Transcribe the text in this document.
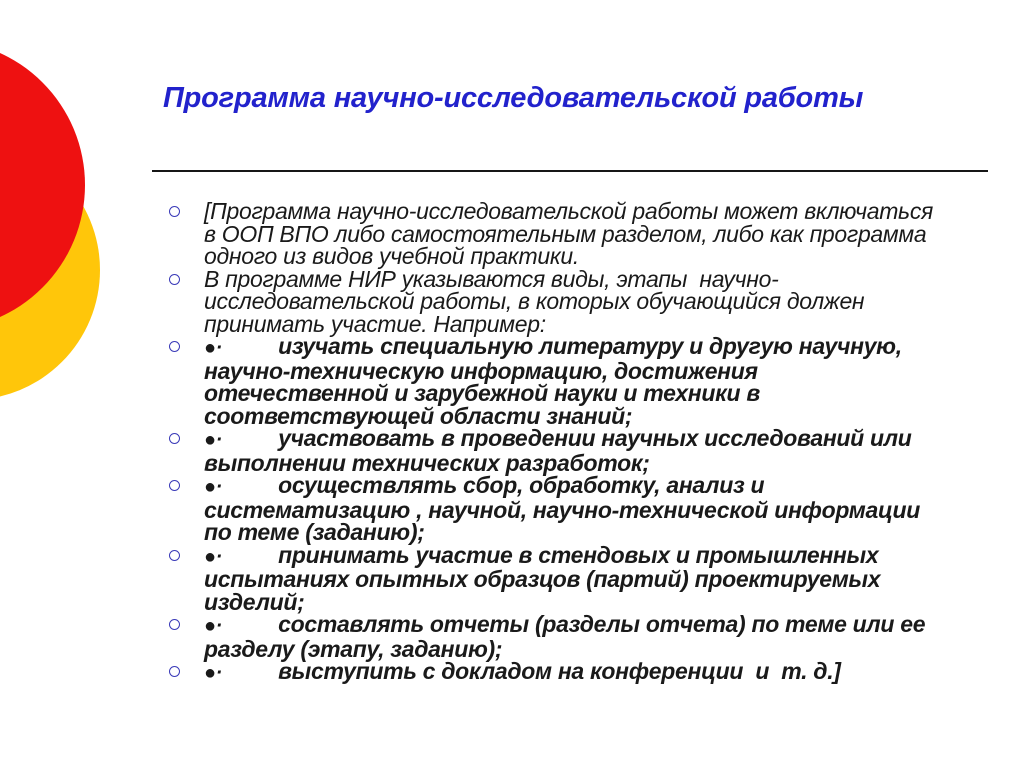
Программа научно-исследовательской работы
[Программа научно-исследовательской работы может включаться в ООП ВПО либо самостоятельным разделом, либо как программа одного из видов учебной практики.
В программе НИР указываются виды, этапы  научно-исследовательской работы, в которых обучающийся должен принимать участие. Например:
●· изучать специальную литературу и другую научную, научно-техническую информацию, достижения отечественной и зарубежной науки и техники в соответствующей области знаний;
●· участвовать в проведении научных исследований или выполнении технических разработок;
●· осуществлять сбор, обработку, анализ и систематизацию , научной, научно-технической информации по теме (заданию);
●· принимать участие в стендовых и промышленных испытаниях опытных образцов (партий) проектируемых изделий;
●· составлять отчеты (разделы отчета) по теме или ее разделу (этапу, заданию);
●· выступить с докладом на конференции  и  т. д.]
